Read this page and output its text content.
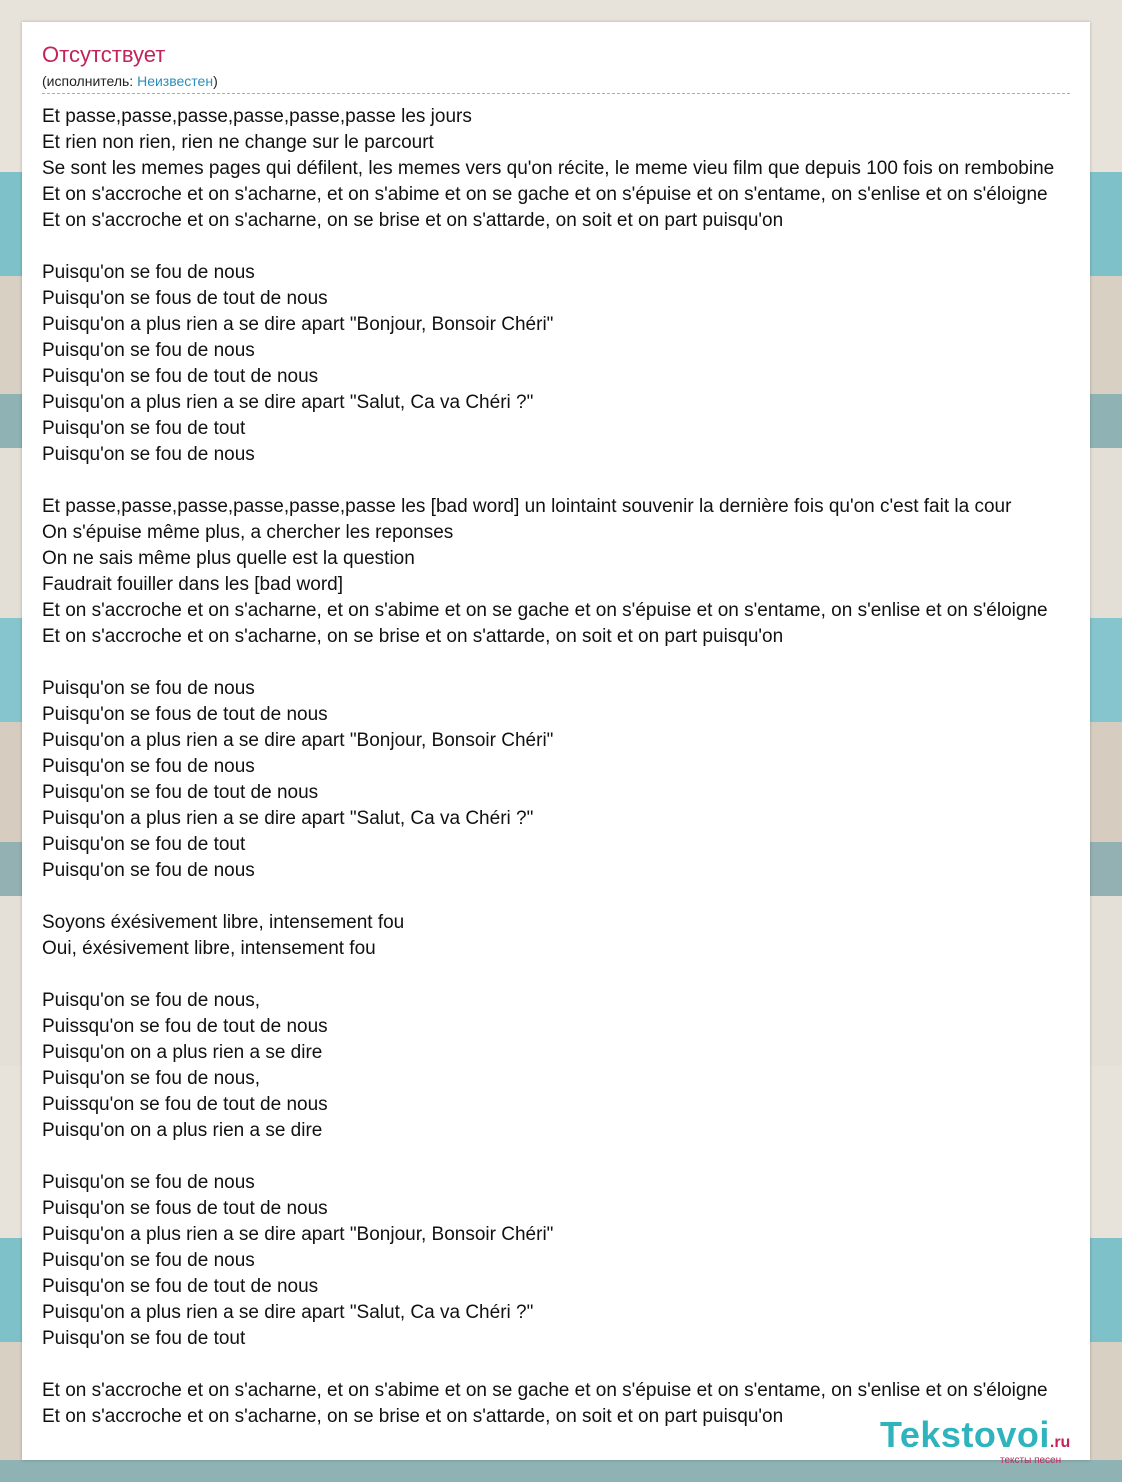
Отсутствует
(исполнитель: Неизвестен)
Et passe,passe,passe,passe,passe,passe les jours
Et rien non rien, rien ne change sur le parcourt
Se sont les memes pages qui défilent, les memes vers qu'on récite, le meme vieu film que depuis 100 fois on rembobine
Et on s'accroche et on s'acharne, et on s'abime et on se gache et on s'épuise et on s'entame, on s'enlise et on s'éloigne
Et on s'accroche et on s'acharne, on se brise et on s'attarde, on soit et on part puisqu'on
Puisqu'on se fou de nous
Puisqu'on se fous de tout de nous
Puisqu'on a plus rien a se dire apart "Bonjour, Bonsoir Chéri"
Puisqu'on se fou de nous
Puisqu'on se fou de tout de nous
Puisqu'on a plus rien a se dire apart "Salut, Ca va Chéri ?"
Puisqu'on se fou de tout
Puisqu'on se fou de nous
Et passe,passe,passe,passe,passe,passe les [bad word] un lointaint souvenir la dernière fois qu'on c'est fait la cour
On s'épuise même plus, a chercher les reponses
On ne sais même plus quelle est la question
Faudrait fouiller dans les [bad word]
Et on s'accroche et on s'acharne, et on s'abime et on se gache et on s'épuise et on s'entame, on s'enlise et on s'éloigne
Et on s'accroche et on s'acharne, on se brise et on s'attarde, on soit et on part puisqu'on
Puisqu'on se fou de nous
Puisqu'on se fous de tout de nous
Puisqu'on a plus rien a se dire apart "Bonjour, Bonsoir Chéri"
Puisqu'on se fou de nous
Puisqu'on se fou de tout de nous
Puisqu'on a plus rien a se dire apart "Salut, Ca va Chéri ?"
Puisqu'on se fou de tout
Puisqu'on se fou de nous
Soyons éxésivement libre, intensement fou
Oui, éxésivement libre, intensement fou
Puisqu'on se fou de nous,
Puissqu'on se fou de tout de nous
Puisqu'on on a plus rien a se dire
Puisqu'on se fou de nous,
Puissqu'on se fou de tout de nous
Puisqu'on on a plus rien a se dire
Puisqu'on se fou de nous
Puisqu'on se fous de tout de nous
Puisqu'on a plus rien a se dire apart "Bonjour, Bonsoir Chéri"
Puisqu'on se fou de nous
Puisqu'on se fou de tout de nous
Puisqu'on a plus rien a se dire apart "Salut, Ca va Chéri ?"
Puisqu'on se fou de tout
Et on s'accroche et on s'acharne, et on s'abime et on se gache et on s'épuise et on s'entame, on s'enlise et on s'éloigne
Et on s'accroche et on s'acharne, on se brise et on s'attarde, on soit et on part puisqu'on	Tekstovoi.ru
тексты песен
